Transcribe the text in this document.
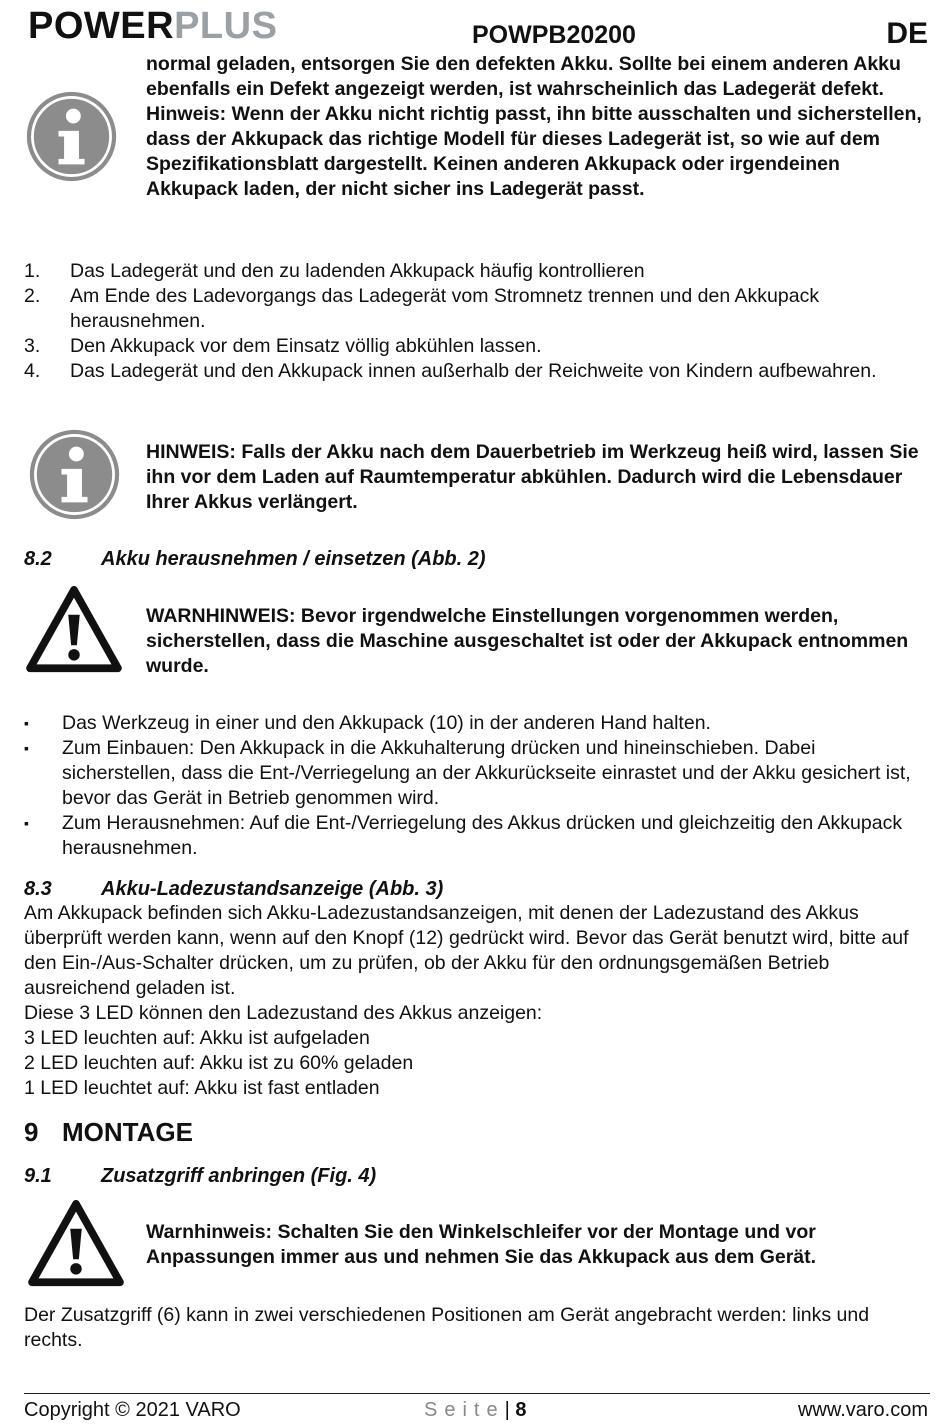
POWERPLUS	POWPB20200	DE
normal geladen, entsorgen Sie den defekten Akku. Sollte bei einem anderen Akku ebenfalls ein Defekt angezeigt werden, ist wahrscheinlich das Ladegerät defekt. Hinweis: Wenn der Akku nicht richtig passt, ihn bitte ausschalten und sicherstellen, dass der Akkupack das richtige Modell für dieses Ladegerät ist, so wie auf dem Spezifikationsblatt dargestellt. Keinen anderen Akkupack oder irgendeinen Akkupack laden, der nicht sicher ins Ladegerät passt.
1.	Das Ladegerät und den zu ladenden Akkupack häufig kontrollieren
2.	Am Ende des Ladevorgangs das Ladegerät vom Stromnetz trennen und den Akkupack herausnehmen.
3.	Den Akkupack vor dem Einsatz völlig abkühlen lassen.
4.	Das Ladegerät und den Akkupack innen außerhalb der Reichweite von Kindern aufbewahren.
HINWEIS: Falls der Akku nach dem Dauerbetrieb im Werkzeug heiß wird, lassen Sie ihn vor dem Laden auf Raumtemperatur abkühlen. Dadurch wird die Lebensdauer Ihrer Akkus verlängert.
8.2 Akku herausnehmen / einsetzen (Abb. 2)
WARNHINWEIS: Bevor irgendwelche Einstellungen vorgenommen werden, sicherstellen, dass die Maschine ausgeschaltet ist oder der Akkupack entnommen wurde.
▪	Das Werkzeug in einer und den Akkupack (10) in der anderen Hand halten.
▪	Zum Einbauen: Den Akkupack in die Akkuhalterung drücken und hineinschieben. Dabei sicherstellen, dass die Ent-/Verriegelung an der Akkurückseite einrastet und der Akku gesichert ist, bevor das Gerät in Betrieb genommen wird.
▪	Zum Herausnehmen: Auf die Ent-/Verriegelung des Akkus drücken und gleichzeitig den Akkupack herausnehmen.
8.3 Akku-Ladezustandsanzeige (Abb. 3)
Am Akkupack befinden sich Akku-Ladezustandsanzeigen, mit denen der Ladezustand des Akkus überprüft werden kann, wenn auf den Knopf (12) gedrückt wird. Bevor das Gerät benutzt wird, bitte auf den Ein-/Aus-Schalter drücken, um zu prüfen, ob der Akku für den ordnungsgemäßen Betrieb ausreichend geladen ist.
Diese 3 LED können den Ladezustand des Akkus anzeigen:
3 LED leuchten auf: Akku ist aufgeladen
2 LED leuchten auf: Akku ist zu 60% geladen
1 LED leuchtet auf: Akku ist fast entladen
9 MONTAGE
9.1 Zusatzgriff anbringen (Fig. 4)
Warnhinweis: Schalten Sie den Winkelschleifer vor der Montage und vor Anpassungen immer aus und nehmen Sie das Akkupack aus dem Gerät.
Der Zusatzgriff (6) kann in zwei verschiedenen Positionen am Gerät angebracht werden: links und rechts.
Copyright © 2021 VARO	Seite| 8	www.varo.com
